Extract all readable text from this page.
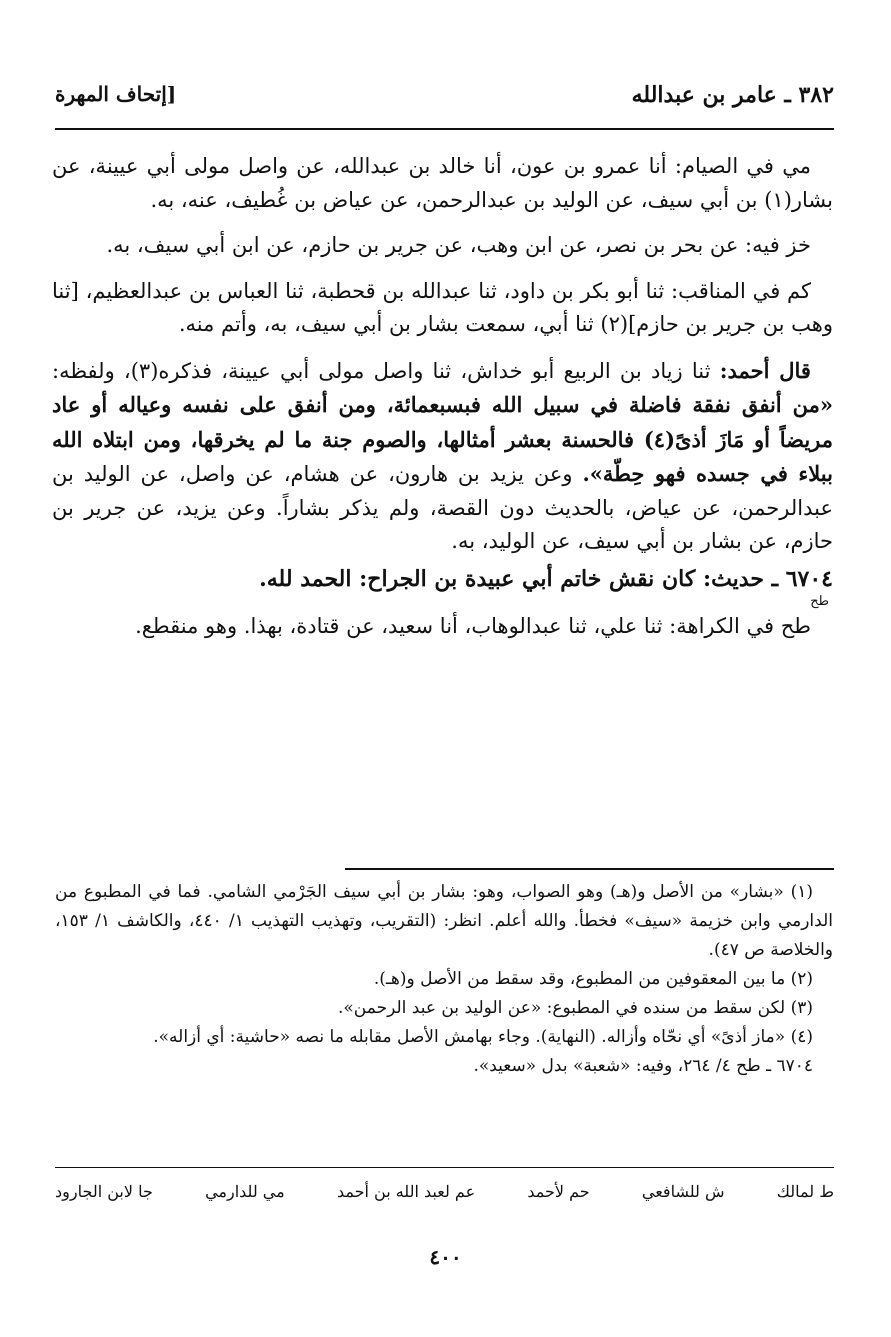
٣٨٢ ـ عامر بن عبدالله
[إتحاف المهرة

مي في الصيام: أنا عمرو بن عون، أنا خالد بن عبدالله، عن واصل مولى أبي عيينة، عن بشار(١) بن أبي سيف، عن الوليد بن عبدالرحمن، عن عياض بن غُطيف، عنه، به.

خز فيه: عن بحر بن نصر، عن ابن وهب، عن جرير بن حازم، عن ابن أبي سيف، به.

كم في المناقب: ثنا أبو بكر بن داود، ثنا عبدالله بن قحطبة، ثنا العباس بن عبدالعظيم، [ثنا وهب بن جرير بن حازم](٢) ثنا أبي، سمعت بشار بن أبي سيف، به، وأتم منه.

قال أحمد: ثنا زياد بن الربيع أبو خداش، ثنا واصل مولى أبي عيينة، فذكره(٣)، ولفظه: «من أنفق نفقة فاضلة في سبيل الله فبسبعمائة، ومن أنفق على نفسه وعياله أو عاد مريضاً أو مَازَ أذىً(٤) فالحسنة بعشر أمثالها، والصوم جنة ما لم يخرقها، ومن ابتلاه الله ببلاء في جسده فهو حِطّة». وعن يزيد بن هارون، عن هشام، عن واصل، عن الوليد بن عبدالرحمن، عن عياض، بالحديث دون القصة، ولم يذكر بشاراً. وعن يزيد، عن جرير بن حازم، عن بشار بن أبي سيف، عن الوليد، به.

٦٧٠٤ ـ حديث: كان نقش خاتم أبي عبيدة بن الجراح: الحمد لله.
طح

طح في الكراهة: ثنا علي، ثنا عبدالوهاب، أنا سعيد، عن قتادة، بهذا. وهو منقطع.

(١) «بشار» من الأصل و(هـ) وهو الصواب، وهو: بشار بن أبي سيف الجَرْمي الشامي. فما في المطبوع من الدارمي وابن خزيمة «سيف» فخطأ. والله أعلم. انظر: (التقريب، وتهذيب التهذيب ١/ ٤٤٠، والكاشف ١/ ١٥٣، والخلاصة ص ٤٧).

(٢) ما بين المعقوفين من المطبوع، وقد سقط من الأصل و(هـ).

(٣) لكن سقط من سنده في المطبوع: «عن الوليد بن عبد الرحمن».

(٤) «ماز أذىً» أي نحّاه وأزاله. (النهاية). وجاء بهامش الأصل مقابله ما نصه «حاشية: أي أزاله».

٦٧٠٤ ـ طح ٤/ ٢٦٤، وفيه: «شعبة» بدل «سعيد».

ط لمالك
ش للشافعي
حم لأحمد
عم لعبد الله بن أحمد
مي للدارمي
جا لابن الجارود
٤٠٠
